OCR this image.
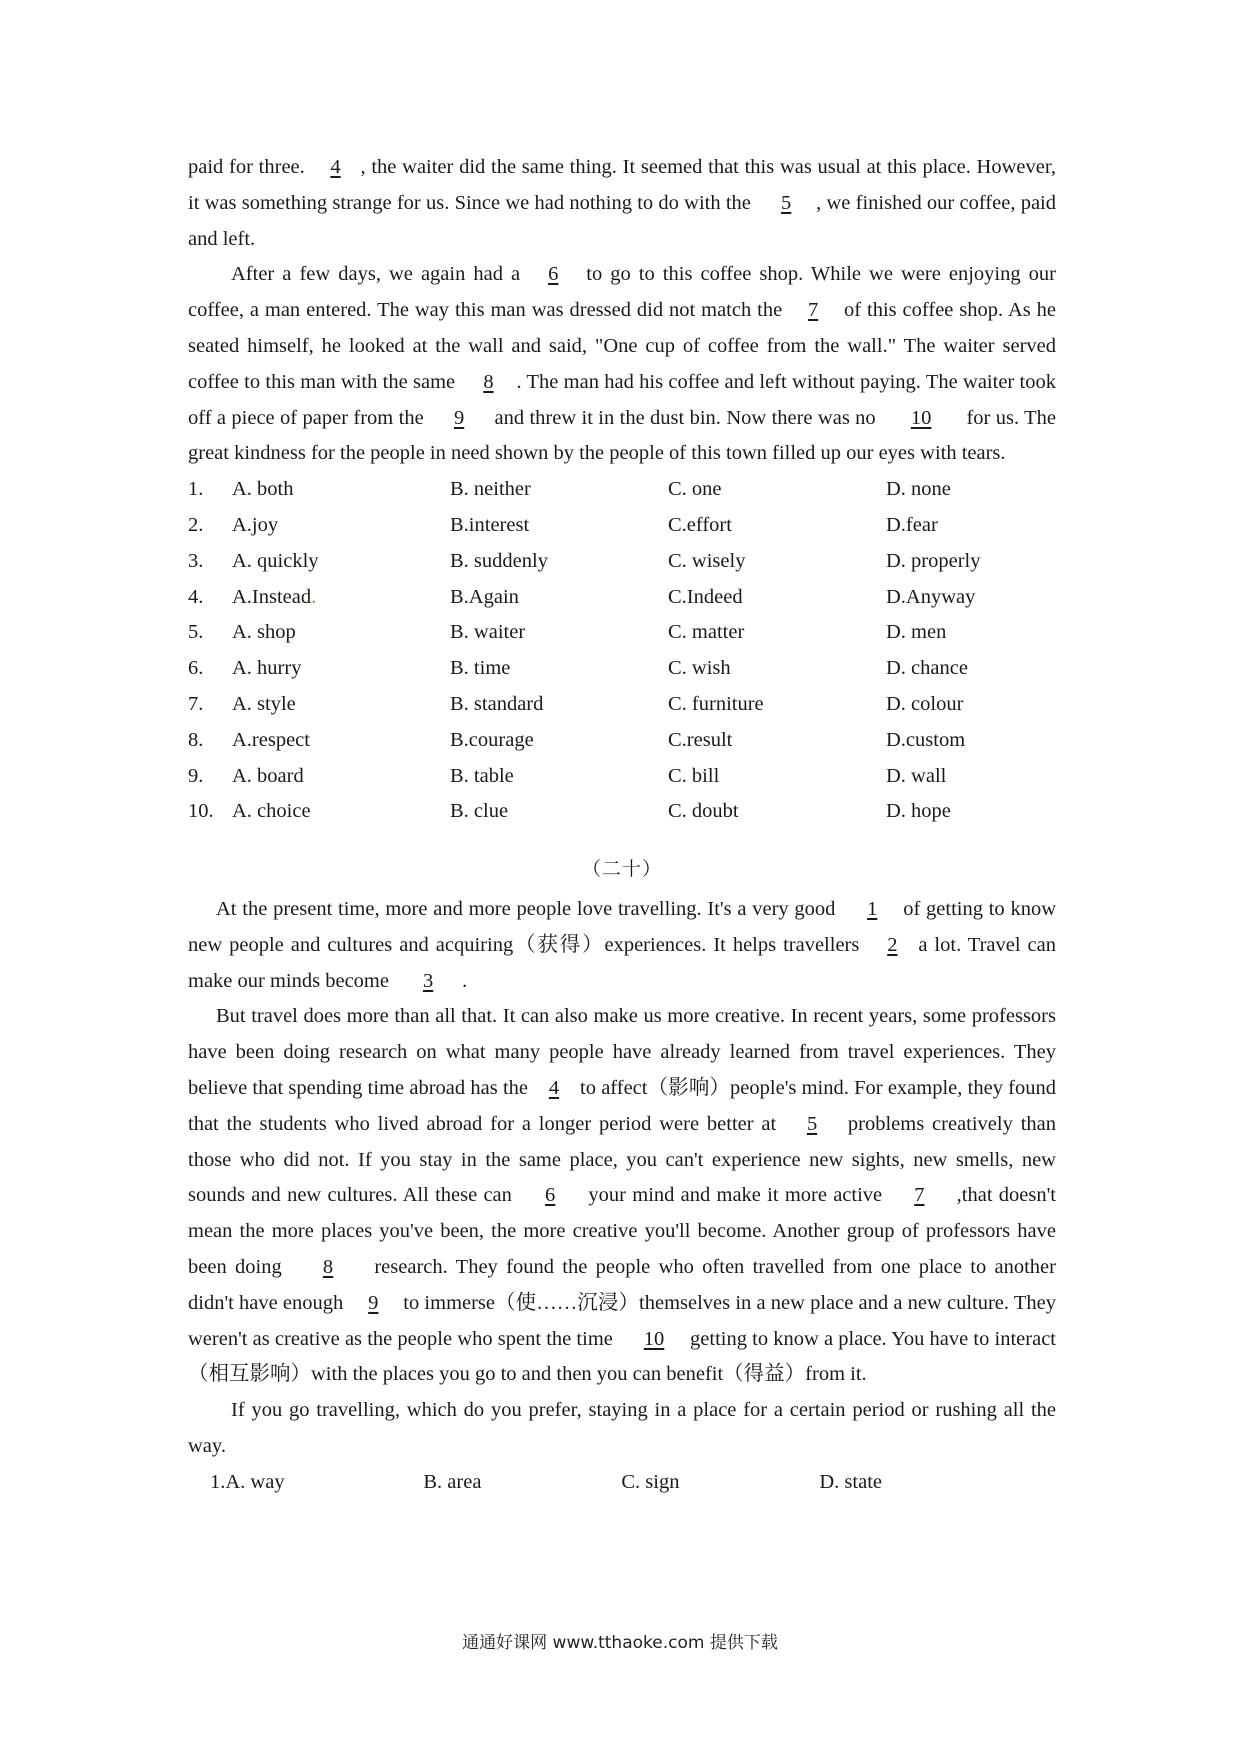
paid for three. 4 , the waiter did the same thing. It seemed that this was usual at this place. However, it was something strange for us. Since we had nothing to do with the 5 , we finished our coffee, paid and left.

After a few days, we again had a 6 to go to this coffee shop. While we were enjoying our coffee, a man entered. The way this man was dressed did not match the 7 of this coffee shop. As he seated himself, he looked at the wall and said, "One cup of coffee from the wall." The waiter served coffee to this man with the same 8 . The man had his coffee and left without paying. The waiter took off a piece of paper from the 9 and threw it in the dust bin. Now there was no 10 for us. The great kindness for the people in need shown by the people of this town filled up our eyes with tears.

1.	A. both	B. neither	C. one	D. none
2.	A.joy	B.interest	C.effort	D.fear
3.	A. quickly	B. suddenly	C. wisely	D. properly
4.	A.Instead.	B.Again	C.Indeed	D.Anyway
5.	A. shop	B. waiter	C. matter	D. men
6.	A. hurry	B. time	C. wish	D. chance
7.	A. style	B. standard	C. furniture	D. colour
8.	A.respect	B.courage	C.result	D.custom
9.	A. board	B. table	C. bill	D. wall
10. A. choice	B. clue	C. doubt	D. hope
（二十）

At the present time, more and more people love travelling. It's a very good 1 of getting to know new people and cultures and acquiring（获得）experiences. It helps travellers 2 a lot. Travel can make our minds become 3 .

But travel does more than all that. It can also make us more creative. In recent years, some professors have been doing research on what many people have already learned from travel experiences. They believe that spending time abroad has the 4 to affect（影响）people's mind. For example, they found that the students who lived abroad for a longer period were better at 5 problems creatively than those who did not. If you stay in the same place, you can't experience new sights, new smells, new sounds and new cultures. All these can 6 your mind and make it more active 7 ,that doesn't mean the more places you've been, the more creative you'll become. Another group of professors have been doing 8 research. They found the people who often travelled from one place to another didn't have enough 9 to immerse（使……沉浸）themselves in a new place and a new culture. They weren't as creative as the people who spent the time 10 getting to know a place. You have to interact（相互影响）with the places you go to and then you can benefit（得益）from it.

If you go travelling, which do you prefer, staying in a place for a certain period or rushing all the way.

1. A. way	B. area	C. sign	D. state
通通好课网 www.tthaoke.com 提供下载
